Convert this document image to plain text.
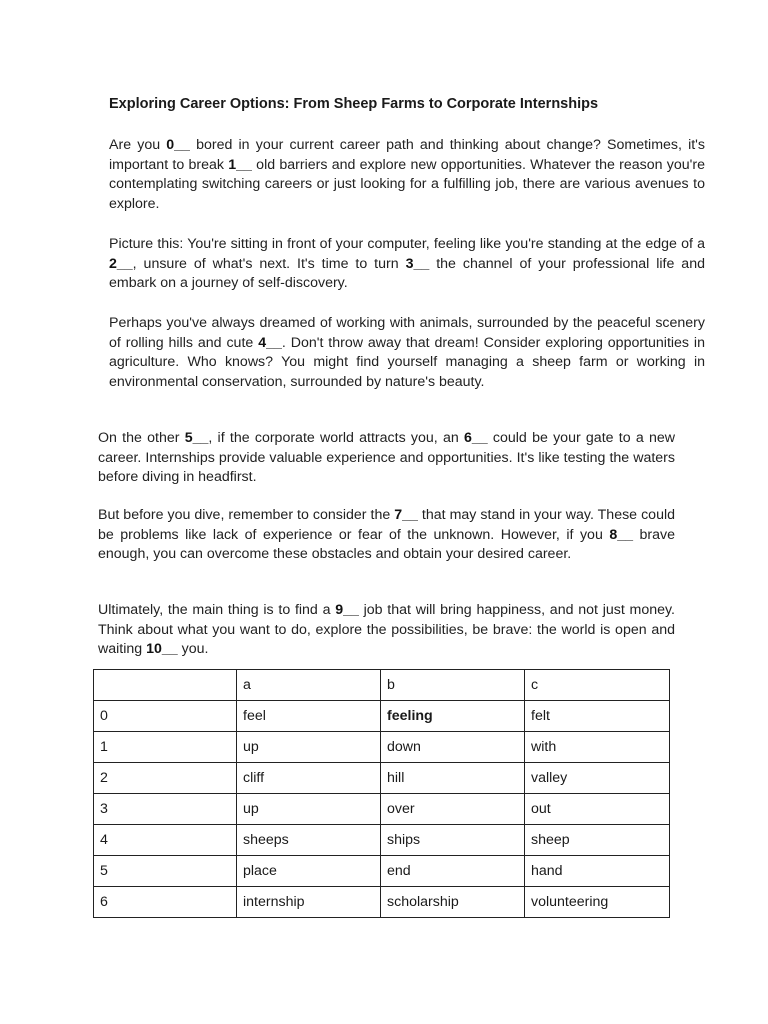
Exploring Career Options: From Sheep Farms to Corporate Internships

Are you 0__ bored in your current career path and thinking about change? Sometimes, it's important to break 1__ old barriers and explore new opportunities. Whatever the reason you're contemplating switching careers or just looking for a fulfilling job, there are various avenues to explore.

Picture this: You're sitting in front of your computer, feeling like you're standing at the edge of a 2__, unsure of what's next. It's time to turn 3__ the channel of your professional life and embark on a journey of self-discovery.

Perhaps you've always dreamed of working with animals, surrounded by the peaceful scenery of rolling hills and cute 4__. Don't throw away that dream! Consider exploring opportunities in agriculture. Who knows? You might find yourself managing a sheep farm or working in environmental conservation, surrounded by nature's beauty.

On the other 5__, if the corporate world attracts you, an 6__ could be your gate to a new career. Internships provide valuable experience and opportunities. It's like testing the waters before diving in headfirst.

But before you dive, remember to consider the 7__ that may stand in your way. These could be problems like lack of experience or fear of the unknown. However, if you 8__ brave enough, you can overcome these obstacles and obtain your desired career.

Ultimately, the main thing is to find a 9__ job that will bring happiness, and not just money. Think about what you want to do, explore the possibilities, be brave: the world is open and waiting 10__ you.

	a	b	c
0	feel	feeling	felt
1	up	down	with
2	cliff	hill	valley
3	up	over	out
4	sheeps	ships	sheep
5	place	end	hand
6	internship	scholarship	volunteering
